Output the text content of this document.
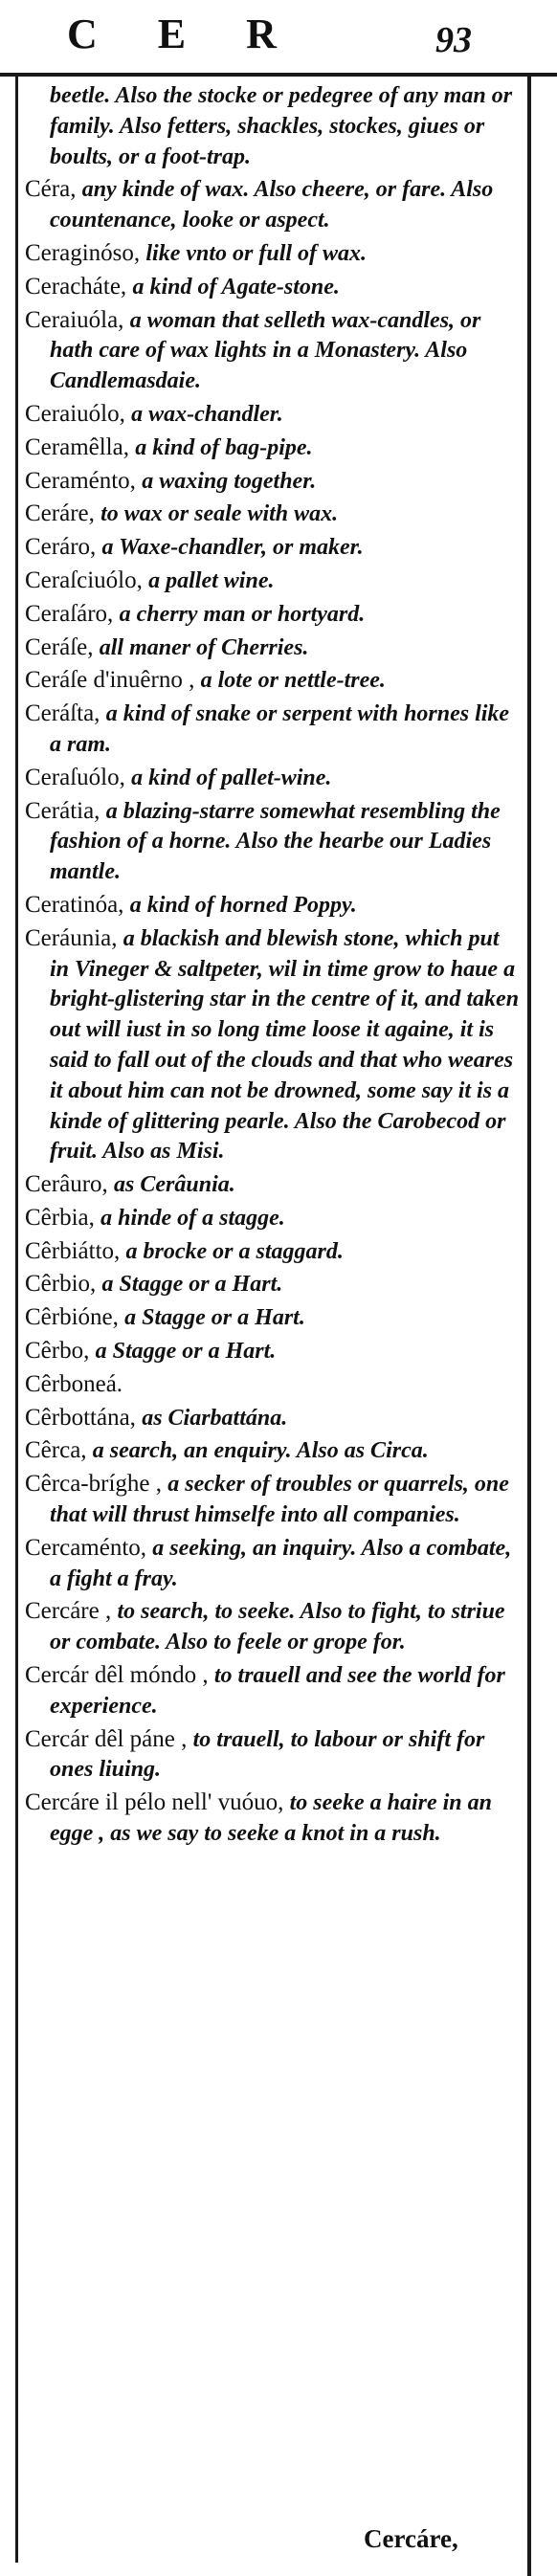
C E R	93

beetle. Also the stocke or pedegree of any man or family. Also fetters, shackles, stockes, giues or boults, or a foot-trap.

Céra, any kinde of wax. Also cheere, or fare. Also countenance, looke or aspect.

Ceraginóso, like vnto or full of wax.

Ceracháte, a kind of Agate-stone.

Ceraiuóla, a woman that selleth wax-candles, or hath care of wax lights in a Monastery. Also Candlemasdaie.

Ceraiuólo, a wax-chandler.

Ceramêlla, a kind of bag-pipe.

Ceraménto, a waxing together.

Ceráre, to wax or seale with wax.

Ceráro, a Waxe-chandler, or maker.

Ceraſciuólo, a pallet wine.

Ceraſáro, a cherry man or hortyard.

Ceráſe, all maner of Cherries.

Ceráſe d'inuêrno , a lote or nettle-tree.

Ceráſta, a kind of snake or serpent with hornes like a ram.

Ceraſuólo, a kind of pallet-wine.

Cerátia, a blazing-starre somewhat resembling the fashion of a horne. Also the hearbe our Ladies mantle.

Ceratinóa, a kind of horned Poppy.

Ceráunia, a blackish and blewish stone, which put in Vineger & saltpeter, wil in time grow to haue a bright-glistering star in the centre of it, and taken out will iust in so long time loose it againe, it is said to fall out of the clouds and that who weares it about him can not be drowned, some say it is a kinde of glittering pearle. Also the Carobecod or fruit. Also as Misi.

Cerâuro, as Cerâunia.

Cêrbia, a hinde of a stagge.

Cêrbiátto, a brocke or a staggard.

Cêrbio, a Stagge or a Hart.

Cêrbióne, a Stagge or a Hart.

Cêrbo, a Stagge or a Hart.

Cêrboneá.

Cêrbottána, as Ciarbattána.

Cêrca, a search, an enquiry. Also as Circa.

Cêrca-bríghe , a secker of troubles or quarrels, one that will thrust himselfe into all companies.

Cercaménto, a seeking, an inquiry. Also a combate, a fight a fray.

Cercáre , to search, to seeke. Also to fight, to striue or combate. Also to feele or grope for.

Cercár dêl móndo , to trauell and see the world for experience.

Cercár dêl páne , to trauell, to labour or shift for ones liuing.

Cercáre il pélo nell' vuóuo, to seeke a haire in an egge , as we say to seeke a knot in a rush.

Cercáre,
